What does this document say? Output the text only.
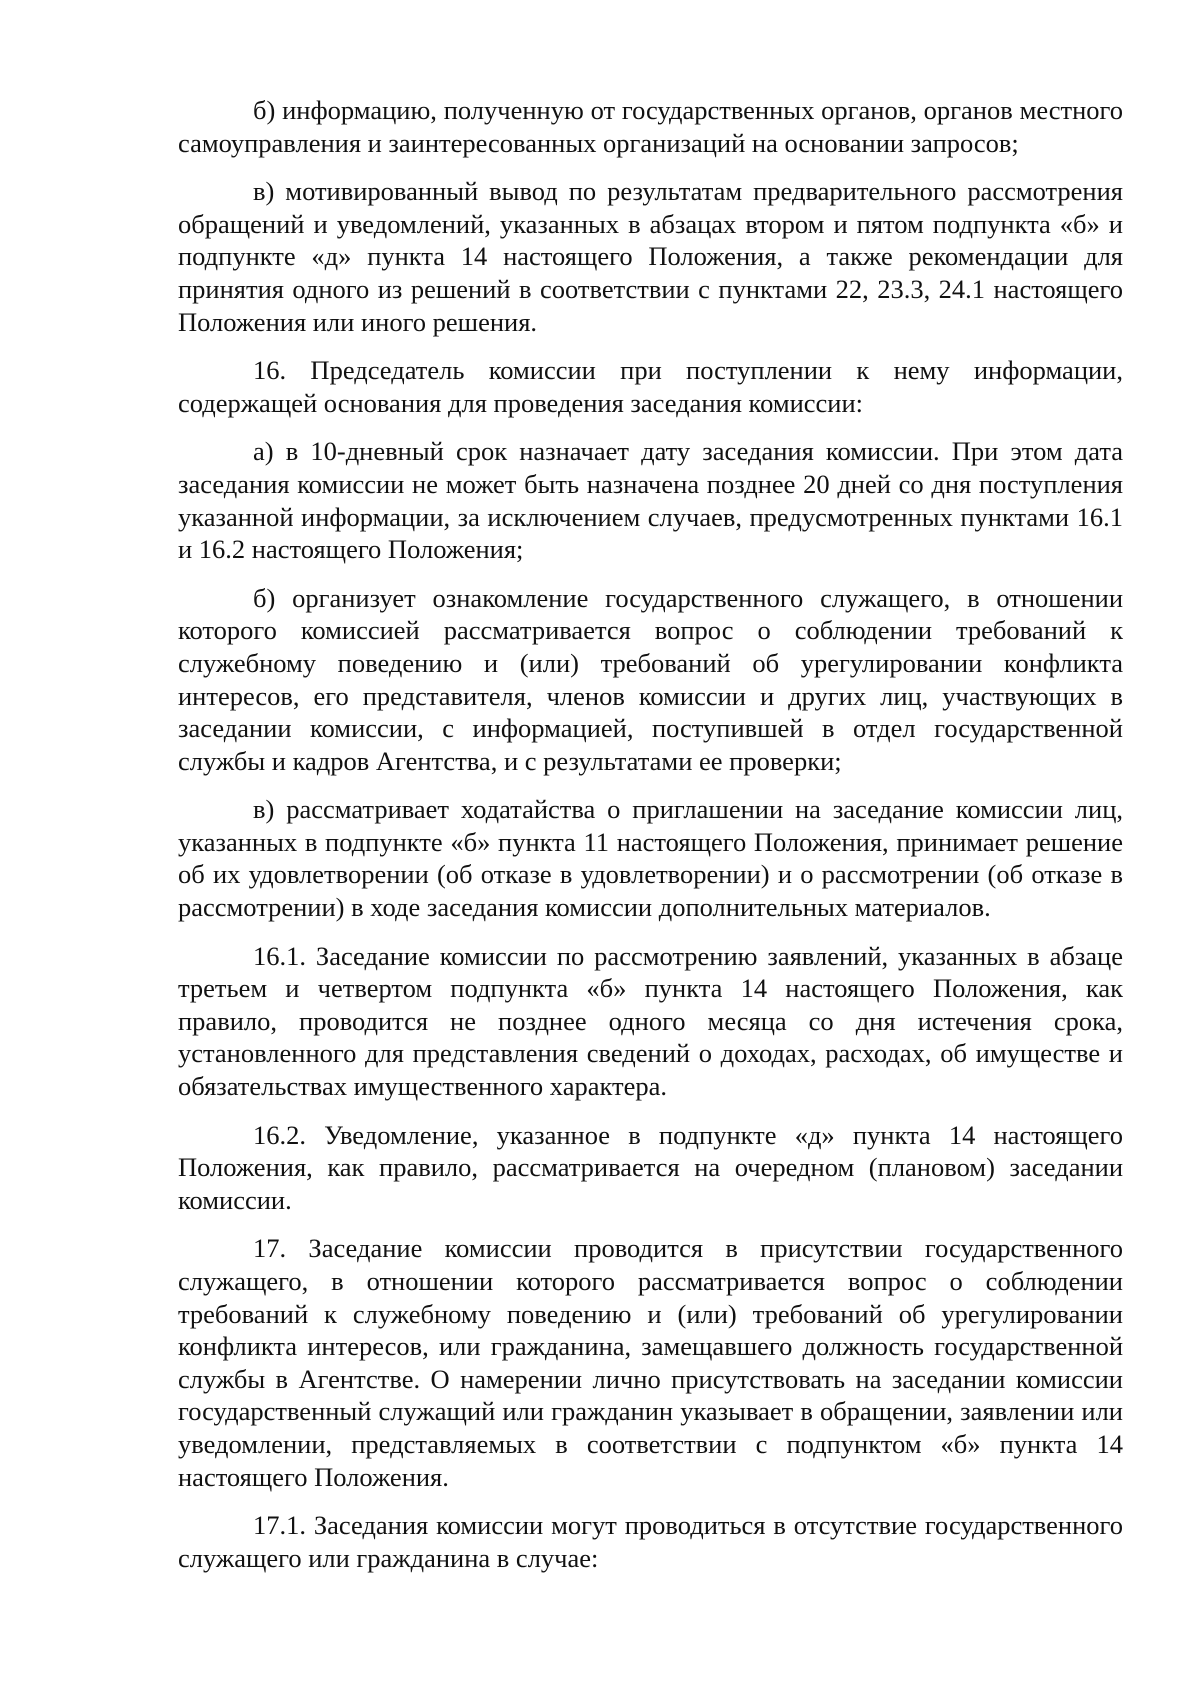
б) информацию, полученную от государственных органов, органов местного самоуправления и заинтересованных организаций на основании запросов;

в) мотивированный вывод по результатам предварительного рассмотрения обращений и уведомлений, указанных в абзацах втором и пятом подпункта «б» и подпункте «д» пункта 14 настоящего Положения, а также рекомендации для принятия одного из решений в соответствии с пунктами 22, 23.3, 24.1 настоящего Положения или иного решения.

16. Председатель комиссии при поступлении к нему информации, содержащей основания для проведения заседания комиссии:

а) в 10-дневный срок назначает дату заседания комиссии. При этом дата заседания комиссии не может быть назначена позднее 20 дней со дня поступления указанной информации, за исключением случаев, предусмотренных пунктами 16.1 и 16.2 настоящего Положения;

б) организует ознакомление государственного служащего, в отношении которого комиссией рассматривается вопрос о соблюдении требований к служебному поведению и (или) требований об урегулировании конфликта интересов, его представителя, членов комиссии и других лиц, участвующих в заседании комиссии, с информацией, поступившей в отдел государственной службы и кадров Агентства, и с результатами ее проверки;

в) рассматривает ходатайства о приглашении на заседание комиссии лиц, указанных в подпункте «б» пункта 11 настоящего Положения, принимает решение об их удовлетворении (об отказе в удовлетворении) и о рассмотрении (об отказе в рассмотрении) в ходе заседания комиссии дополнительных материалов.

16.1. Заседание комиссии по рассмотрению заявлений, указанных в абзаце третьем и четвертом подпункта «б» пункта 14 настоящего Положения, как правило, проводится не позднее одного месяца со дня истечения срока, установленного для представления сведений о доходах, расходах, об имуществе и обязательствах имущественного характера.

16.2. Уведомление, указанное в подпункте «д» пункта 14 настоящего Положения, как правило, рассматривается на очередном (плановом) заседании комиссии.

17. Заседание комиссии проводится в присутствии государственного служащего, в отношении которого рассматривается вопрос о соблюдении требований к служебному поведению и (или) требований об урегулировании конфликта интересов, или гражданина, замещавшего должность государственной службы в Агентстве. О намерении лично присутствовать на заседании комиссии государственный служащий или гражданин указывает в обращении, заявлении или уведомлении, представляемых в соответствии с подпунктом «б» пункта 14 настоящего Положения.

17.1. Заседания комиссии могут проводиться в отсутствие государственного служащего или гражданина в случае:
